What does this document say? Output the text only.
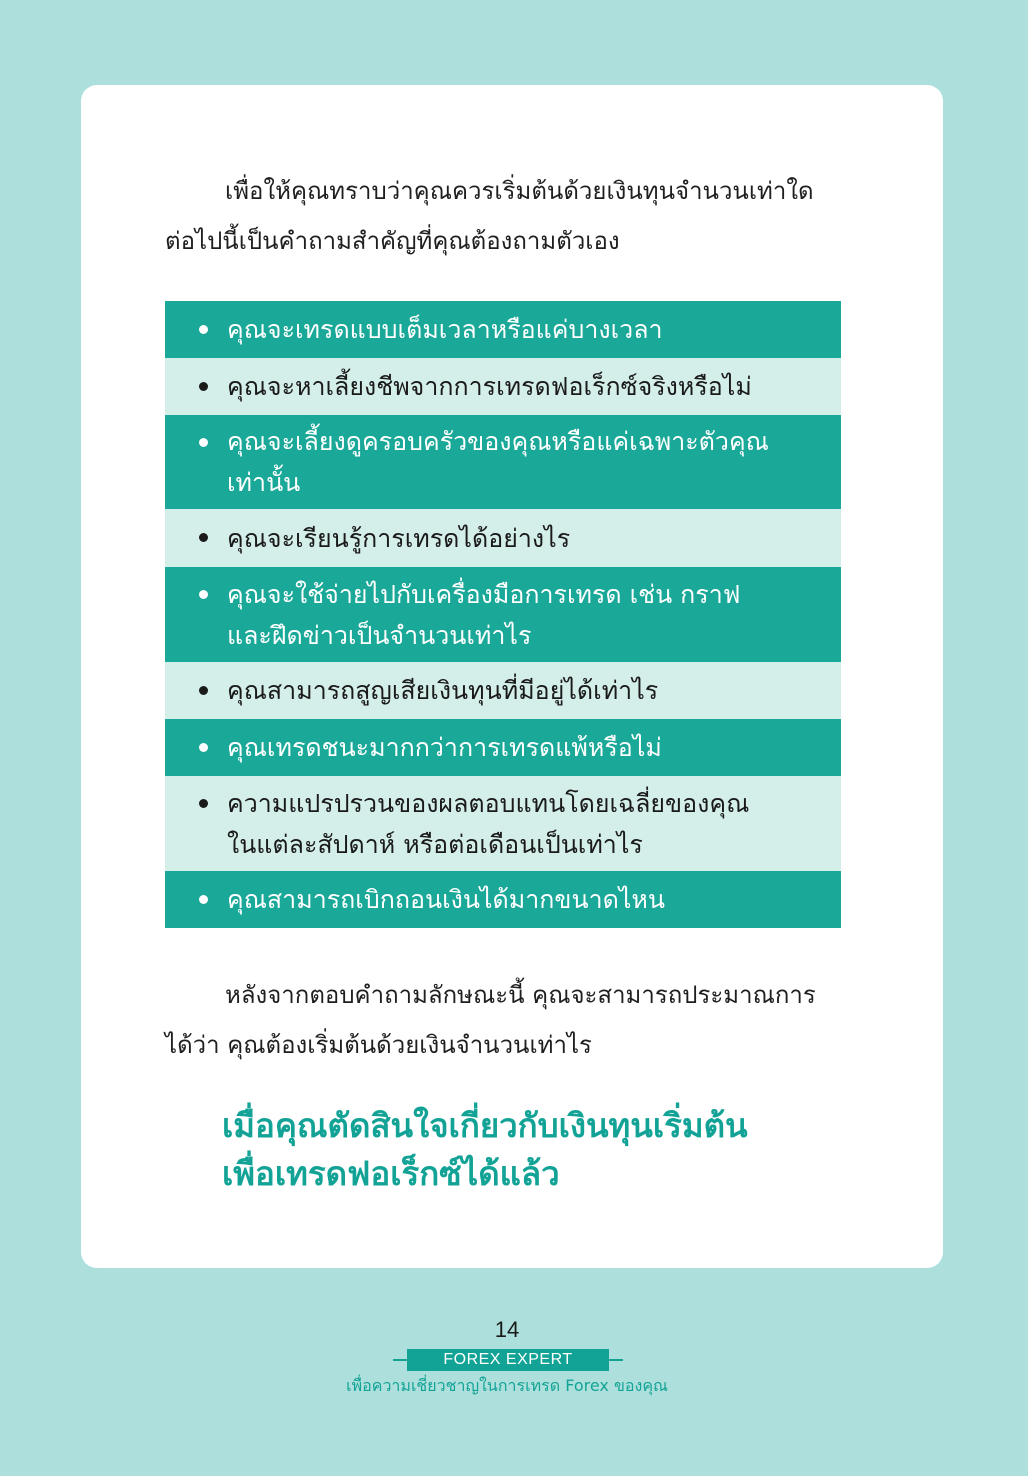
เพื่อให้คุณทราบว่าคุณควรเริ่มต้นด้วยเงินทุนจำนวนเท่าใด
ต่อไปนี้เป็นคำถามสำคัญที่คุณต้องถามตัวเอง

คุณจะเทรดแบบเต็มเวลาหรือแค่บางเวลา
คุณจะหาเลี้ยงชีพจากการเทรดฟอเร็กซ์จริงหรือไม่
คุณจะเลี้ยงดูครอบครัวของคุณหรือแค่เฉพาะตัวคุณ
เท่านั้น
คุณจะเรียนรู้การเทรดได้อย่างไร
คุณจะใช้จ่ายไปกับเครื่องมือการเทรด เช่น กราฟ
และฝึดข่าวเป็นจำนวนเท่าไร
คุณสามารถสูญเสียเงินทุนที่มีอยู่ได้เท่าไร
คุณเทรดชนะมากกว่าการเทรดแพ้หรือไม่
ความแปรปรวนของผลตอบแทนโดยเฉลี่ยของคุณ
ในแต่ละสัปดาห์ หรือต่อเดือนเป็นเท่าไร
คุณสามารถเบิกถอนเงินได้มากขนาดไหน

หลังจากตอบคำถามลักษณะนี้ คุณจะสามารถประมาณการ
ได้ว่า คุณต้องเริ่มต้นด้วยเงินจำนวนเท่าไร

เมื่อคุณตัดสินใจเกี่ยวกับเงินทุนเริ่มต้น
เพื่อเทรดฟอเร็กซ์ได้แล้ว
14
FOREX EXPERT
เพื่อความเชี่ยวชาญในการเทรด Forex ของคุณ
